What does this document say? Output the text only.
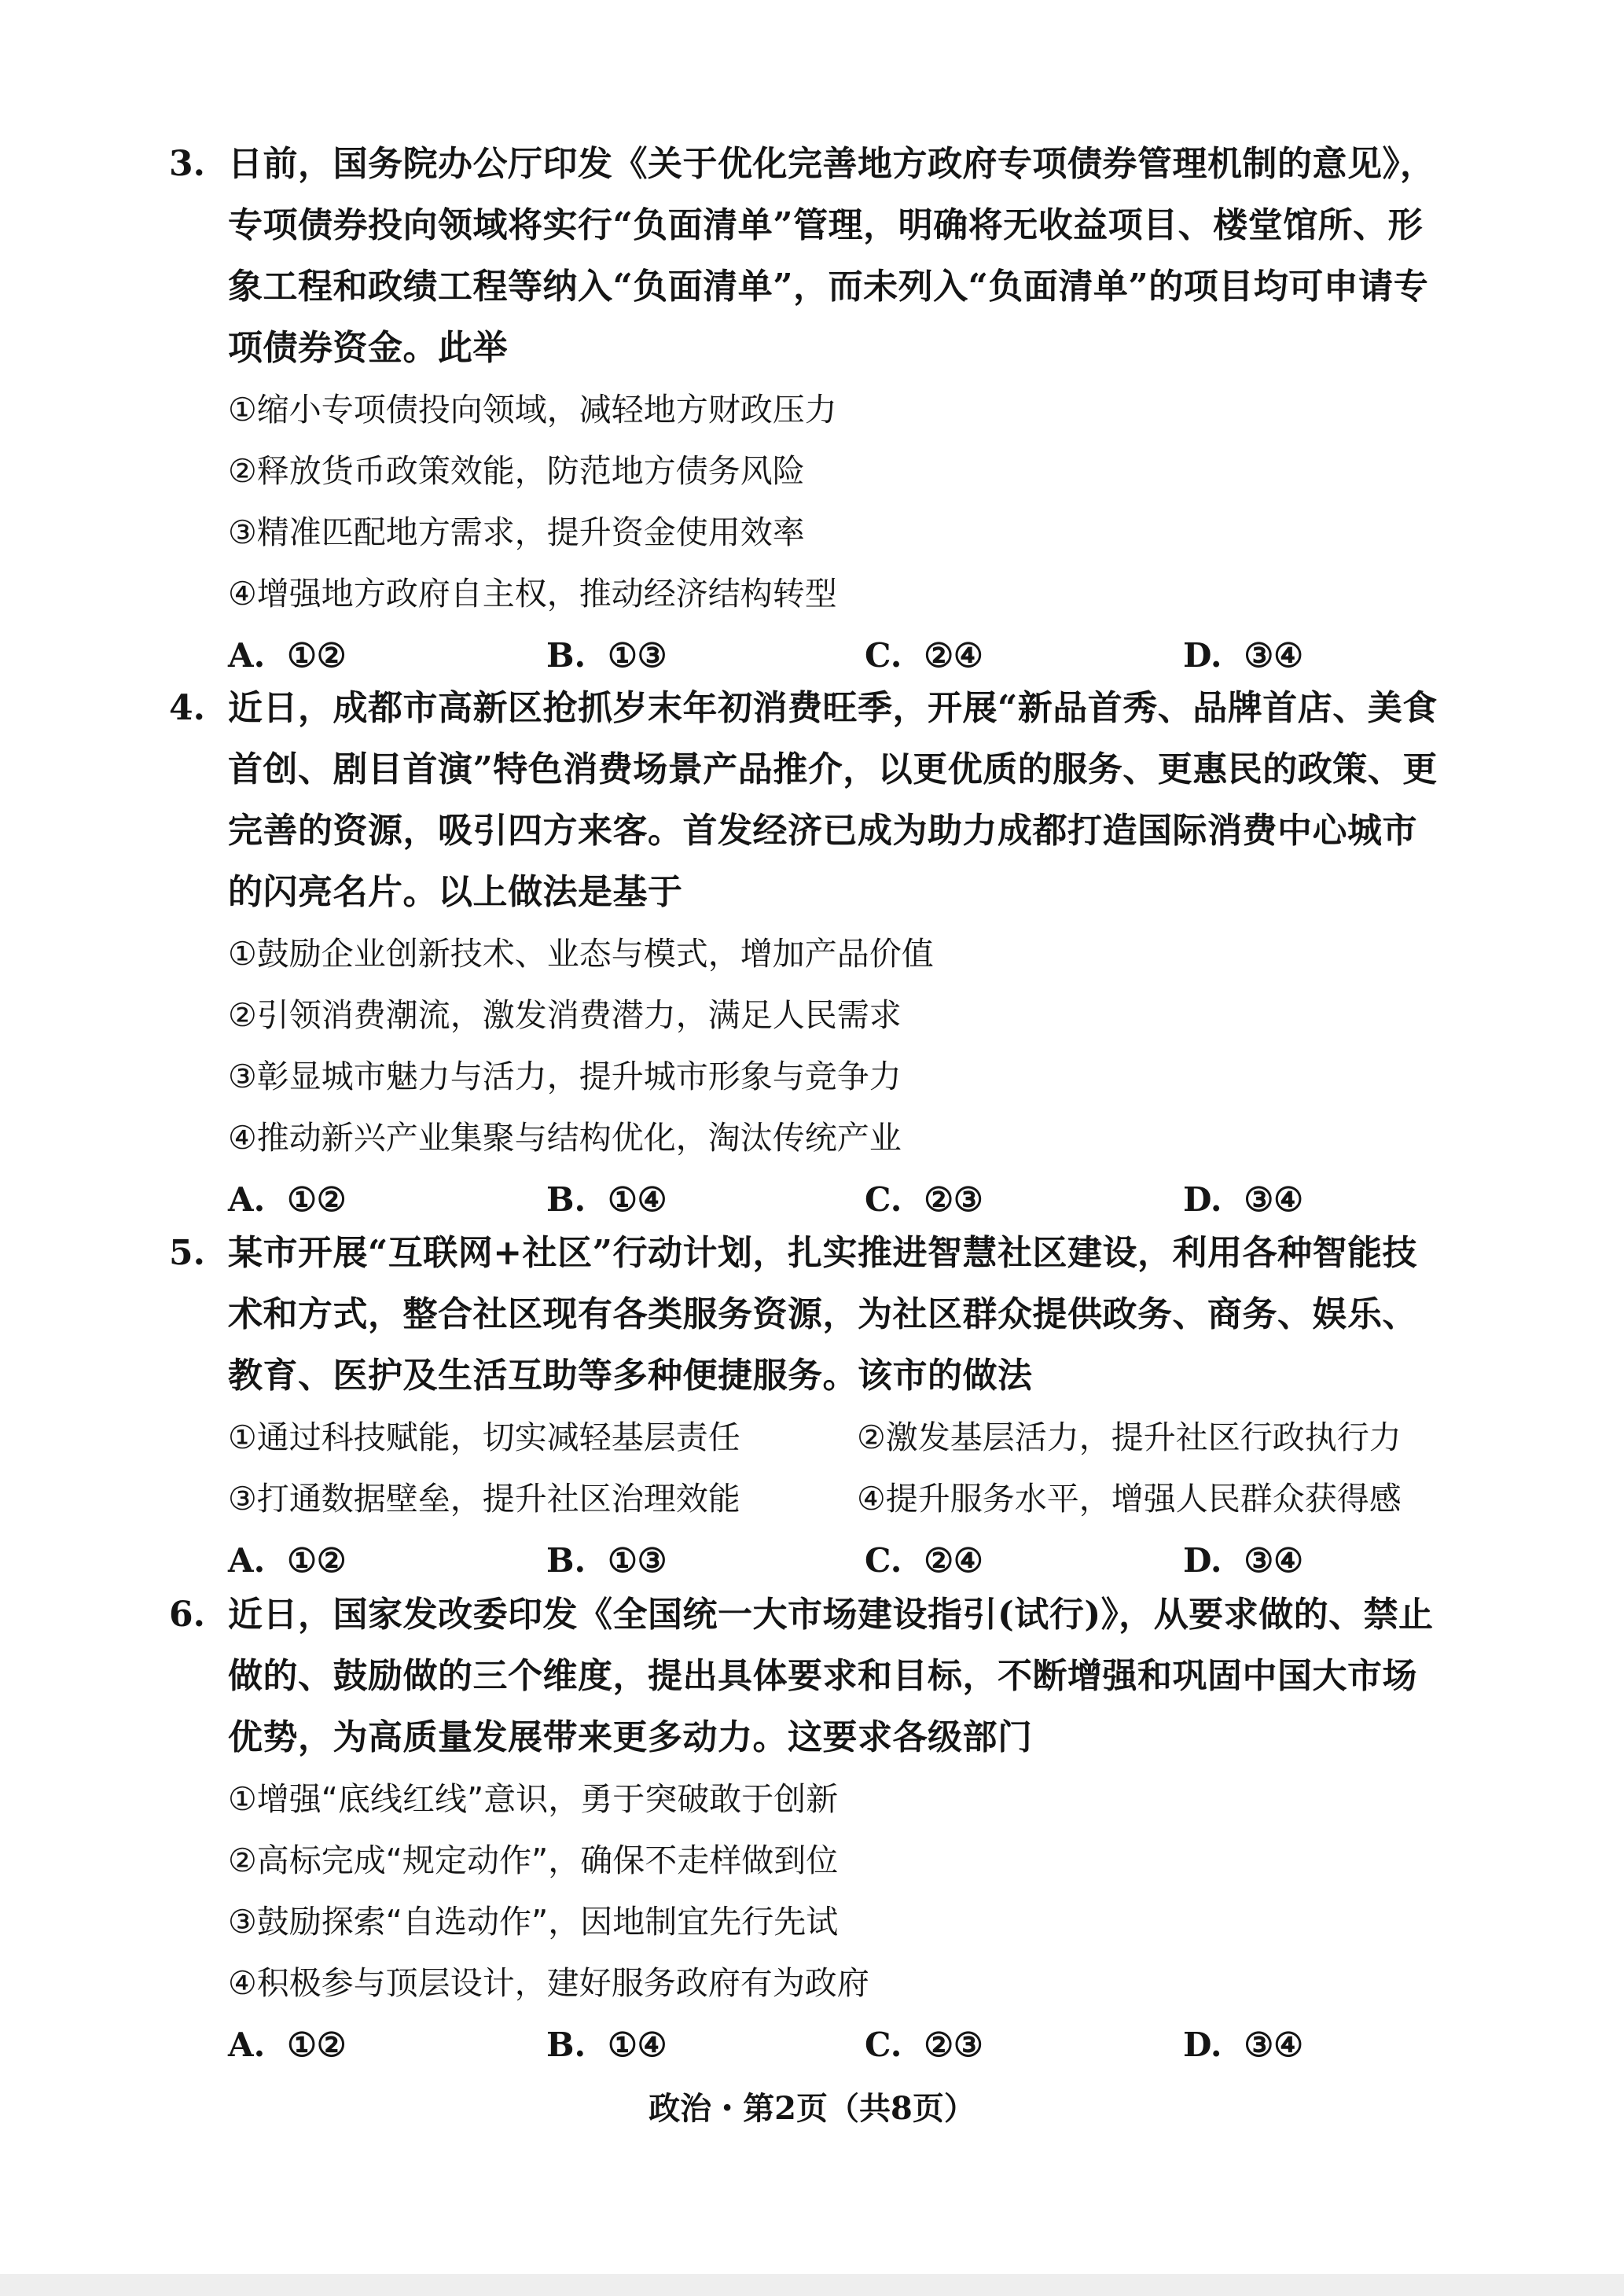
3. 日前，国务院办公厅印发《关于优化完善地方政府专项债券管理机制的意见》，专项债券投向领域将实行“负面清单”管理，明确将无收益项目、楼堂馆所、形象工程和政绩工程等纳入“负面清单”，而未列入“负面清单”的项目均可申请专项债券资金。此举
①缩小专项债投向领域，减轻地方财政压力
②释放货币政策效能，防范地方债务风险
③精准匹配地方需求，提升资金使用效率
④增强地方政府自主权，推动经济结构转型
A. ①②	B. ①③	C. ②④	D. ③④
4. 近日，成都市高新区抢抓岁末年初消费旺季，开展“新品首秀、品牌首店、美食首创、剧目首演”特色消费场景产品推介，以更优质的服务、更惠民的政策、更完善的资源，吸引四方来客。首发经济已成为助力成都打造国际消费中心城市的闪亮名片。以上做法是基于
①鼓励企业创新技术、业态与模式，增加产品价值
②引领消费潮流，激发消费潜力，满足人民需求
③彰显城市魅力与活力，提升城市形象与竞争力
④推动新兴产业集聚与结构优化，淘汰传统产业
A. ①②	B. ①④	C. ②③	D. ③④
5. 某市开展“互联网+社区”行动计划，扎实推进智慧社区建设，利用各种智能技术和方式，整合社区现有各类服务资源，为社区群众提供政务、商务、娱乐、教育、医护及生活互助等多种便捷服务。该市的做法
①通过科技赋能，切实减轻基层责任	②激发基层活力，提升社区行政执行力
③打通数据壁垒，提升社区治理效能	④提升服务水平，增强人民群众获得感
A. ①②	B. ①③	C. ②④	D. ③④
6. 近日，国家发改委印发《全国统一大市场建设指引(试行)》，从要求做的、禁止做的、鼓励做的三个维度，提出具体要求和目标，不断增强和巩固中国大市场优势，为高质量发展带来更多动力。这要求各级部门
①增强“底线红线”意识，勇于突破敢于创新
②高标完成“规定动作”，确保不走样做到位
③鼓励探索“自选动作”，因地制宜先行先试
④积极参与顶层设计，建好服务政府有为政府
A. ①②	B. ①④	C. ②③	D. ③④
政治・第2页（共8页）
